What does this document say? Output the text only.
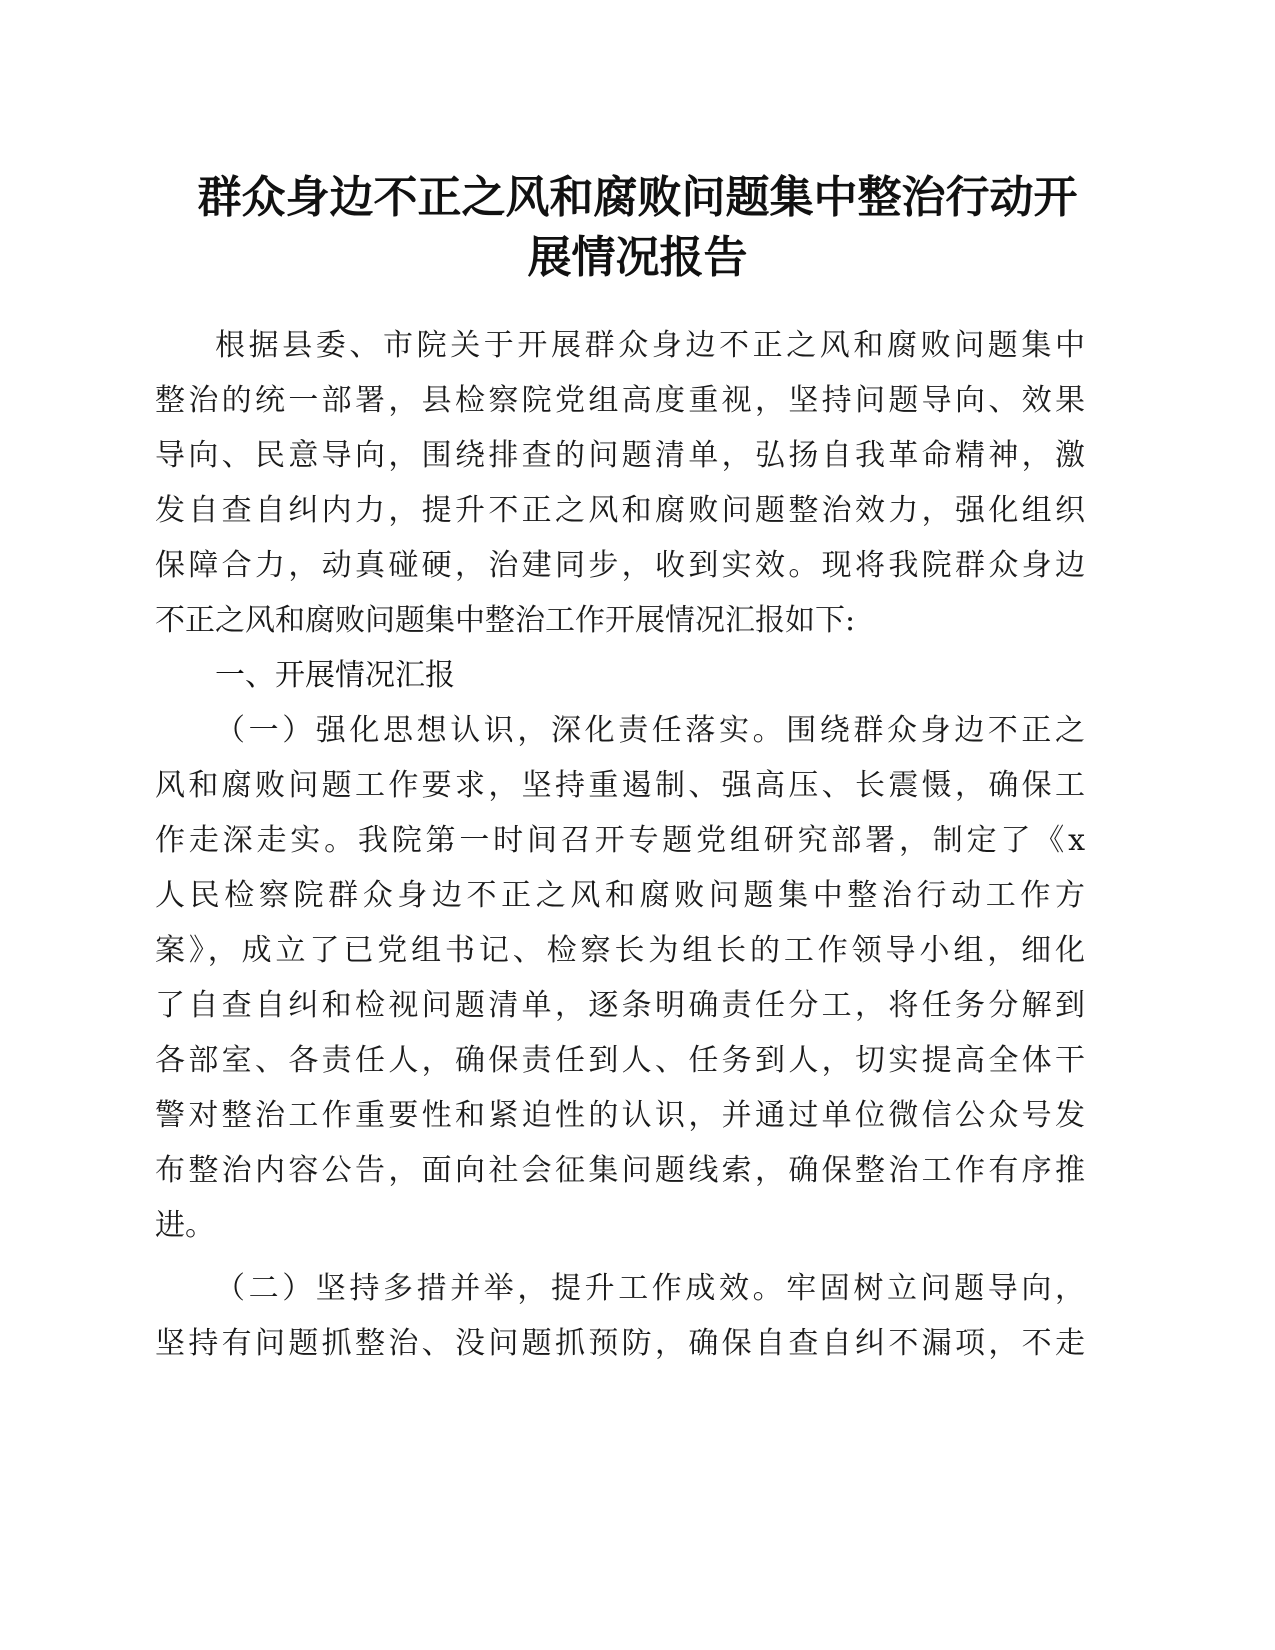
群众身边不正之风和腐败问题集中整治行动开
展情况报告
根据县委、市院关于开展群众身边不正之风和腐败问题集中
整治的统一部署，县检察院党组高度重视，坚持问题导向、效果
导向、民意导向，围绕排查的问题清单，弘扬自我革命精神，激
发自查自纠内力，提升不正之风和腐败问题整治效力，强化组织
保障合力，动真碰硬，治建同步，收到实效。现将我院群众身边
不正之风和腐败问题集中整治工作开展情况汇报如下:
一、开展情况汇报
（一）强化思想认识，深化责任落实。围绕群众身边不正之
风和腐败问题工作要求，坚持重遏制、强高压、长震慑，确保工
作走深走实。我院第一时间召开专题党组研究部署，制定了《x
人民检察院群众身边不正之风和腐败问题集中整治行动工作方
案》，成立了已党组书记、检察长为组长的工作领导小组，细化
了自查自纠和检视问题清单，逐条明确责任分工，将任务分解到
各部室、各责任人，确保责任到人、任务到人，切实提高全体干
警对整治工作重要性和紧迫性的认识，并通过单位微信公众号发
布整治内容公告，面向社会征集问题线索，确保整治工作有序推
进。
（二）坚持多措并举，提升工作成效。牢固树立问题导向，
坚持有问题抓整治、没问题抓预防，确保自查自纠不漏项，不走
